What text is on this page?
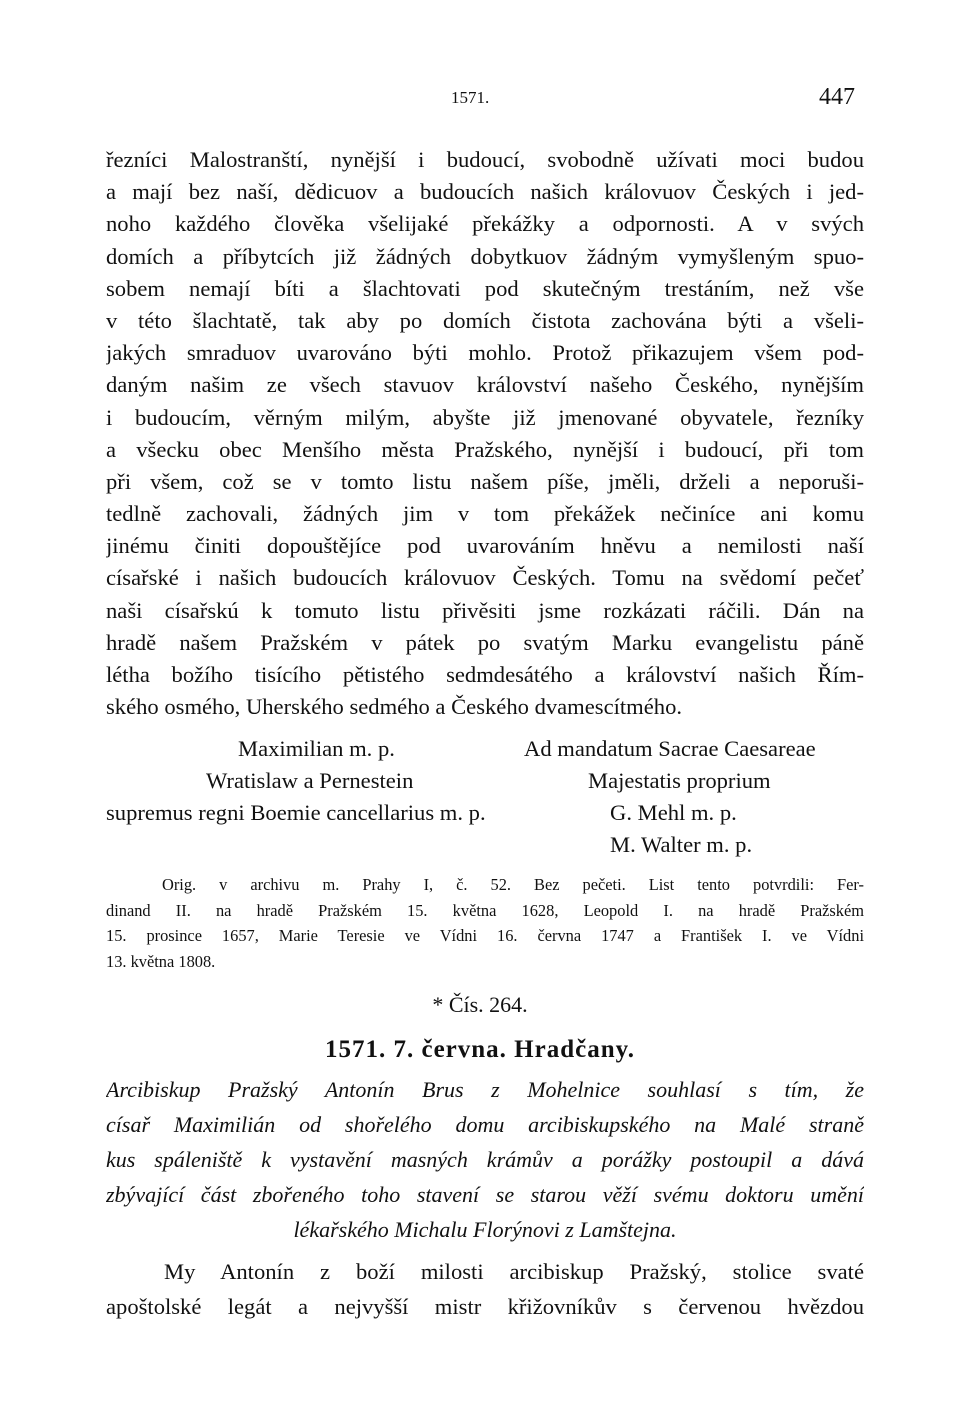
1571.	447
řezníci Malostranští, nynější i budoucí, svobodně užívati moci budou
a mají bez naší, dědicuov a budoucích našich královuov Českých i jed-
noho každého člověka všelijaké překážky a odpornosti. A v svých
domích a příbytcích již žádných dobytkuov žádným vymyšleným spuo-
sobem nemají bíti a šlachtovati pod skutečným trestáním, než vše
v této šlachtatě, tak aby po domích čistota zachována býti a všeli-
jakých smraduov uvarováno býti mohlo. Protož přikazujem všem pod-
daným našim ze všech stavuov království našeho Českého, nynějším
i budoucím, věrným milým, abyšte již jmenované obyvatele, řezníky
a všecku obec Menšího města Pražského, nynější i budoucí, při tom
při všem, což se v tomto listu našem píše, jměli, drželi a neporuši-
tedlně zachovali, žádných jim v tom překážek nečiníce ani komu
jinému činiti dopouštějíce pod uvarováním hněvu a nemilosti naší
císařské i našich budoucích královuov Českých. Tomu na svědomí pečeť
naši císařskú k tomuto listu přivěsiti jsme rozkázati ráčili. Dán na
hradě našem Pražském v pátek po svatým Marku evangelistu páně
létha božího tisícího pětistého sedmdesátého a království našich Řím-
ského osmého, Uherského sedmého a Českého dvamescítmého.
Maximilian m. p.
Wratislaw a Pernestein
supremus regni Boemie cancellarius m. p.
Ad mandatum Sacrae Caesareae
Majestatis proprium
G. Mehl m. p.
M. Walter m. p.
Orig. v archivu m. Prahy I, č. 52. Bez pečeti. List tento potvrdili: Fer-
dinand II. na hradě Pražském 15. května 1628, Leopold I. na hradě Pražském
15. prosince 1657, Marie Teresie ve Vídni 16. června 1747 a František I. ve Vídni
13. května 1808.
* Čís. 264.
1571. 7. června. Hradčany.
Arcibiskup Pražský Antonín Brus z Mohelnice souhlasí s tím, že
císař Maximilián od shořelého domu arcibiskupského na Malé straně
kus spáleniště k vystavění masných krámův a porážky postoupil a dává
zbývající část zbořeného toho stavení se starou věží svému doktoru umění
lékařského Michalu Florýnovi z Lamštejna.
My Antonín z boží milosti arcibiskup Pražský, stolice svaté
apoštolské legát a nejvyšší mistr křižovníkův s červenou hvězdou
